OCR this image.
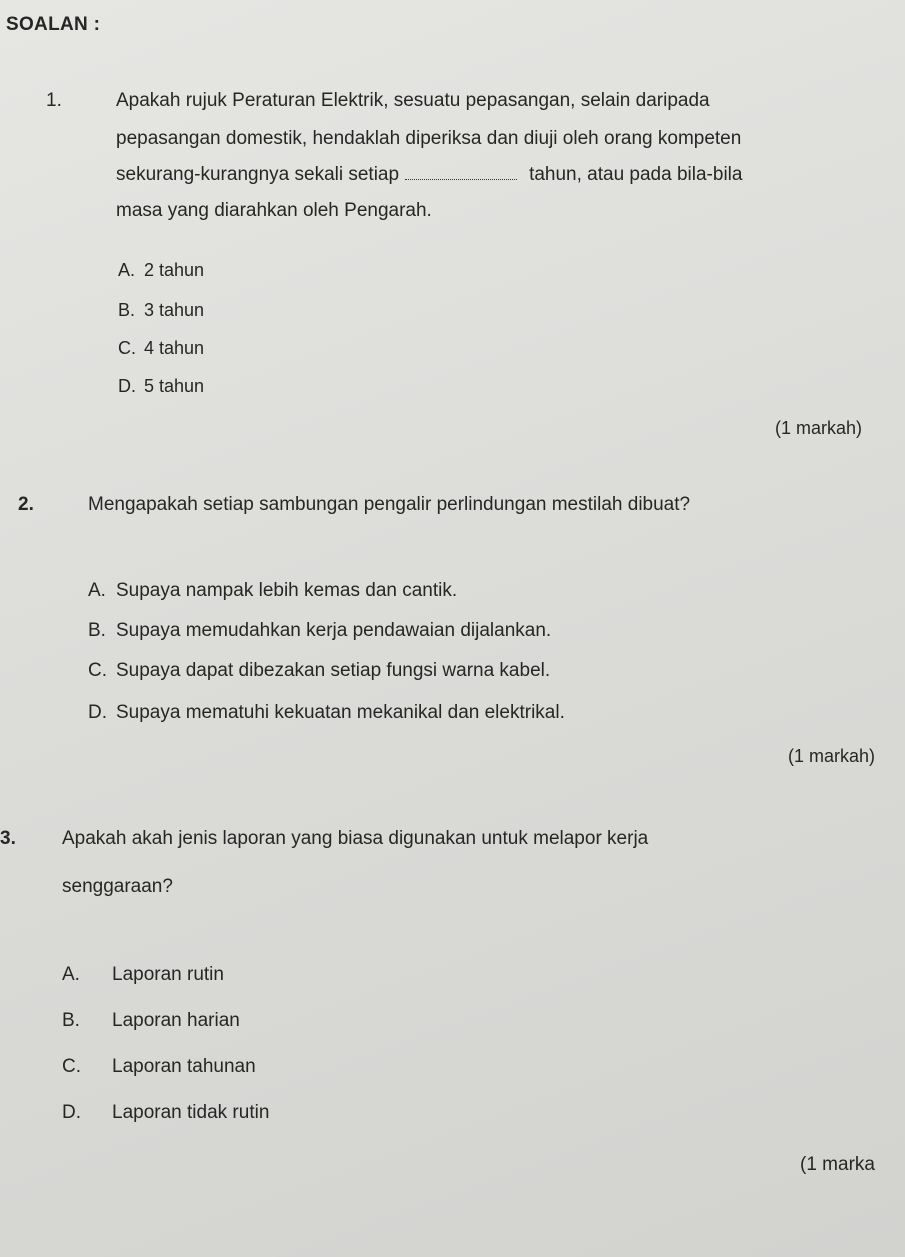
SOALAN :
1.	Apakah rujuk Peraturan Elektrik, sesuatu pepasangan, selain daripada
pepasangan domestik, hendaklah diperiksa dan diuji oleh orang kompeten
sekurang-kurangnya sekali setiap	tahun, atau pada bila-bila
masa yang diarahkan oleh Pengarah.
A. 2 tahun
B. 3 tahun
C. 4 tahun
D. 5 tahun
(1 markah)
2.	Mengapakah setiap sambungan pengalir perlindungan mestilah dibuat?
A. Supaya nampak lebih kemas dan cantik.
B. Supaya memudahkan kerja pendawaian dijalankan.
C. Supaya dapat dibezakan setiap fungsi warna kabel.
D. Supaya mematuhi kekuatan mekanikal dan elektrikal.
(1 markah)
3. Apakah akah jenis laporan yang biasa digunakan untuk melapor kerja
senggaraan?
A. Laporan rutin
B. Laporan harian
C. Laporan tahunan
D. Laporan tidak rutin
(1 marka
